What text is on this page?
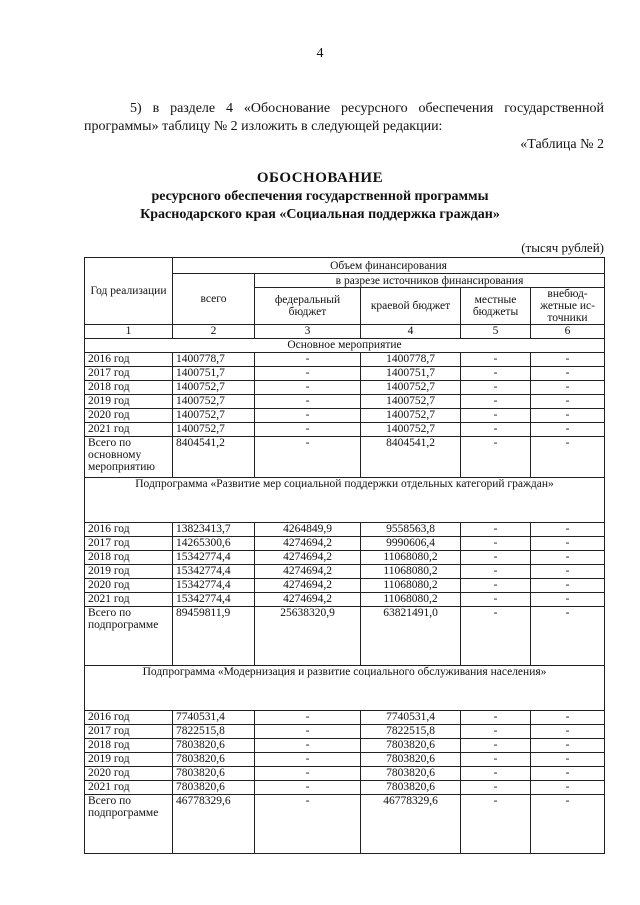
4
5) в разделе 4 «Обоснование ресурсного обеспечения государственной программы» таблицу № 2 изложить в следующей редакции:
«Таблица № 2
ОБОСНОВАНИЕ
ресурсного обеспечения государственной программы
Краснодарского края «Социальная поддержка граждан»
(тысяч рублей)
Год реализации	Объем финансирования				
	всего	в разрезе источников финансирования			
		федеральный бюджет	краевой бюджет	местные бюджеты	внебюд-жетные ис-точники
1	2	3	4	5	6
Основное мероприятие					
2016 год	1400778,7	-	1400778,7	-	-
2017 год	1400751,7	-	1400751,7	-	-
2018 год	1400752,7	-	1400752,7	-	-
2019 год	1400752,7	-	1400752,7	-	-
2020 год	1400752,7	-	1400752,7	-	-
2021 год	1400752,7	-	1400752,7	-	-
Всего по основному мероприятию	8404541,2	-	8404541,2	-	-
Подпрограмма «Развитие мер социальной поддержки отдельных категорий граждан»					
2016 год	13823413,7	4264849,9	9558563,8	-	-
2017 год	14265300,6	4274694,2	9990606,4	-	-
2018 год	15342774,4	4274694,2	11068080,2	-	-
2019 год	15342774,4	4274694,2	11068080,2	-	-
2020 год	15342774,4	4274694,2	11068080,2	-	-
2021 год	15342774,4	4274694,2	11068080,2	-	-
Всего по подпрограмме	89459811,9	25638320,9	63821491,0	-	-
Подпрограмма «Модернизация и развитие социального обслуживания населения»					
2016 год	7740531,4	-	7740531,4	-	-
2017 год	7822515,8	-	7822515,8	-	-
2018 год	7803820,6	-	7803820,6	-	-
2019 год	7803820,6	-	7803820,6	-	-
2020 год	7803820,6	-	7803820,6	-	-
2021 год	7803820,6	-	7803820,6	-	-
Всего по подпрограмме	46778329,6	-	46778329,6	-	-
